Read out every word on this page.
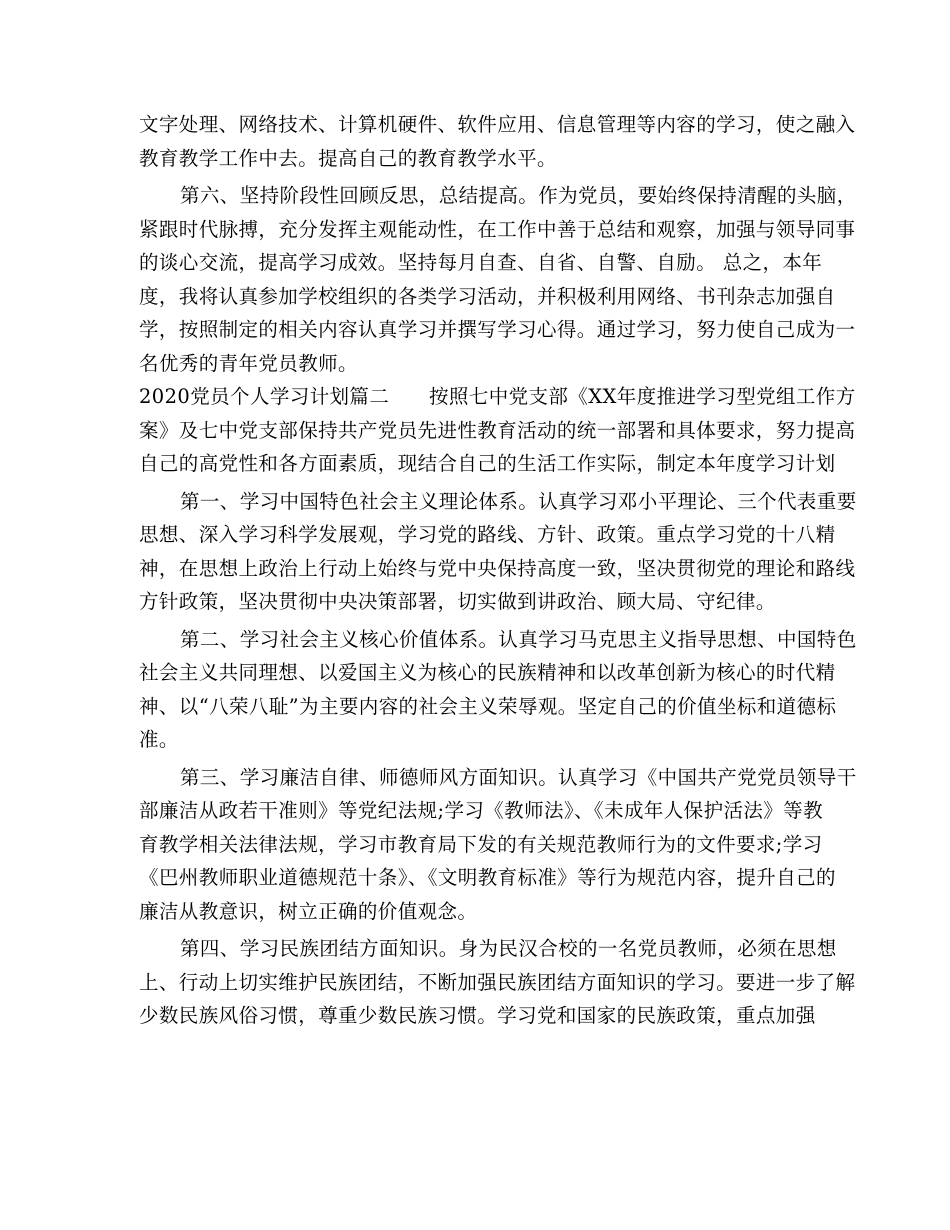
文字处理、网络技术、计算机硬件、软件应用、信息管理等内容的学习，使之融入
教育教学工作中去。提高自己的教育教学水平。
第六、坚持阶段性回顾反思，总结提高。作为党员，要始终保持清醒的头脑，
紧跟时代脉搏，充分发挥主观能动性，在工作中善于总结和观察，加强与领导同事
的谈心交流，提高学习成效。坚持每月自查、自省、自警、自励。 总之，本年
度，我将认真参加学校组织的各类学习活动，并积极利用网络、书刊杂志加强自
学，按照制定的相关内容认真学习并撰写学习心得。通过学习，努力使自己成为一
名优秀的青年党员教师。
2020党员个人学习计划篇二　　按照七中党支部《XX年度推进学习型党组工作方
案》及七中党支部保持共产党员先进性教育活动的统一部署和具体要求，努力提高
自己的高党性和各方面素质，现结合自己的生活工作实际，制定本年度学习计划
第一、学习中国特色社会主义理论体系。认真学习邓小平理论、三个代表重要
思想、深入学习科学发展观，学习党的路线、方针、政策。重点学习党的十八精
神，在思想上政治上行动上始终与党中央保持高度一致，坚决贯彻党的理论和路线
方针政策，坚决贯彻中央决策部署，切实做到讲政治、顾大局、守纪律。
第二、学习社会主义核心价值体系。认真学习马克思主义指导思想、中国特色
社会主义共同理想、以爱国主义为核心的民族精神和以改革创新为核心的时代精
神、以“八荣八耻”为主要内容的社会主义荣辱观。坚定自己的价值坐标和道德标
准。
第三、学习廉洁自律、师德师风方面知识。认真学习《中国共产党党员领导干
部廉洁从政若干准则》等党纪法规;学习《教师法》、《未成年人保护活法》等教
育教学相关法律法规，学习市教育局下发的有关规范教师行为的文件要求;学习
《巴州教师职业道德规范十条》、《文明教育标准》等行为规范内容，提升自己的
廉洁从教意识，树立正确的价值观念。
第四、学习民族团结方面知识。身为民汉合校的一名党员教师，必须在思想
上、行动上切实维护民族团结，不断加强民族团结方面知识的学习。要进一步了解
少数民族风俗习惯，尊重少数民族习惯。学习党和国家的民族政策，重点加强
